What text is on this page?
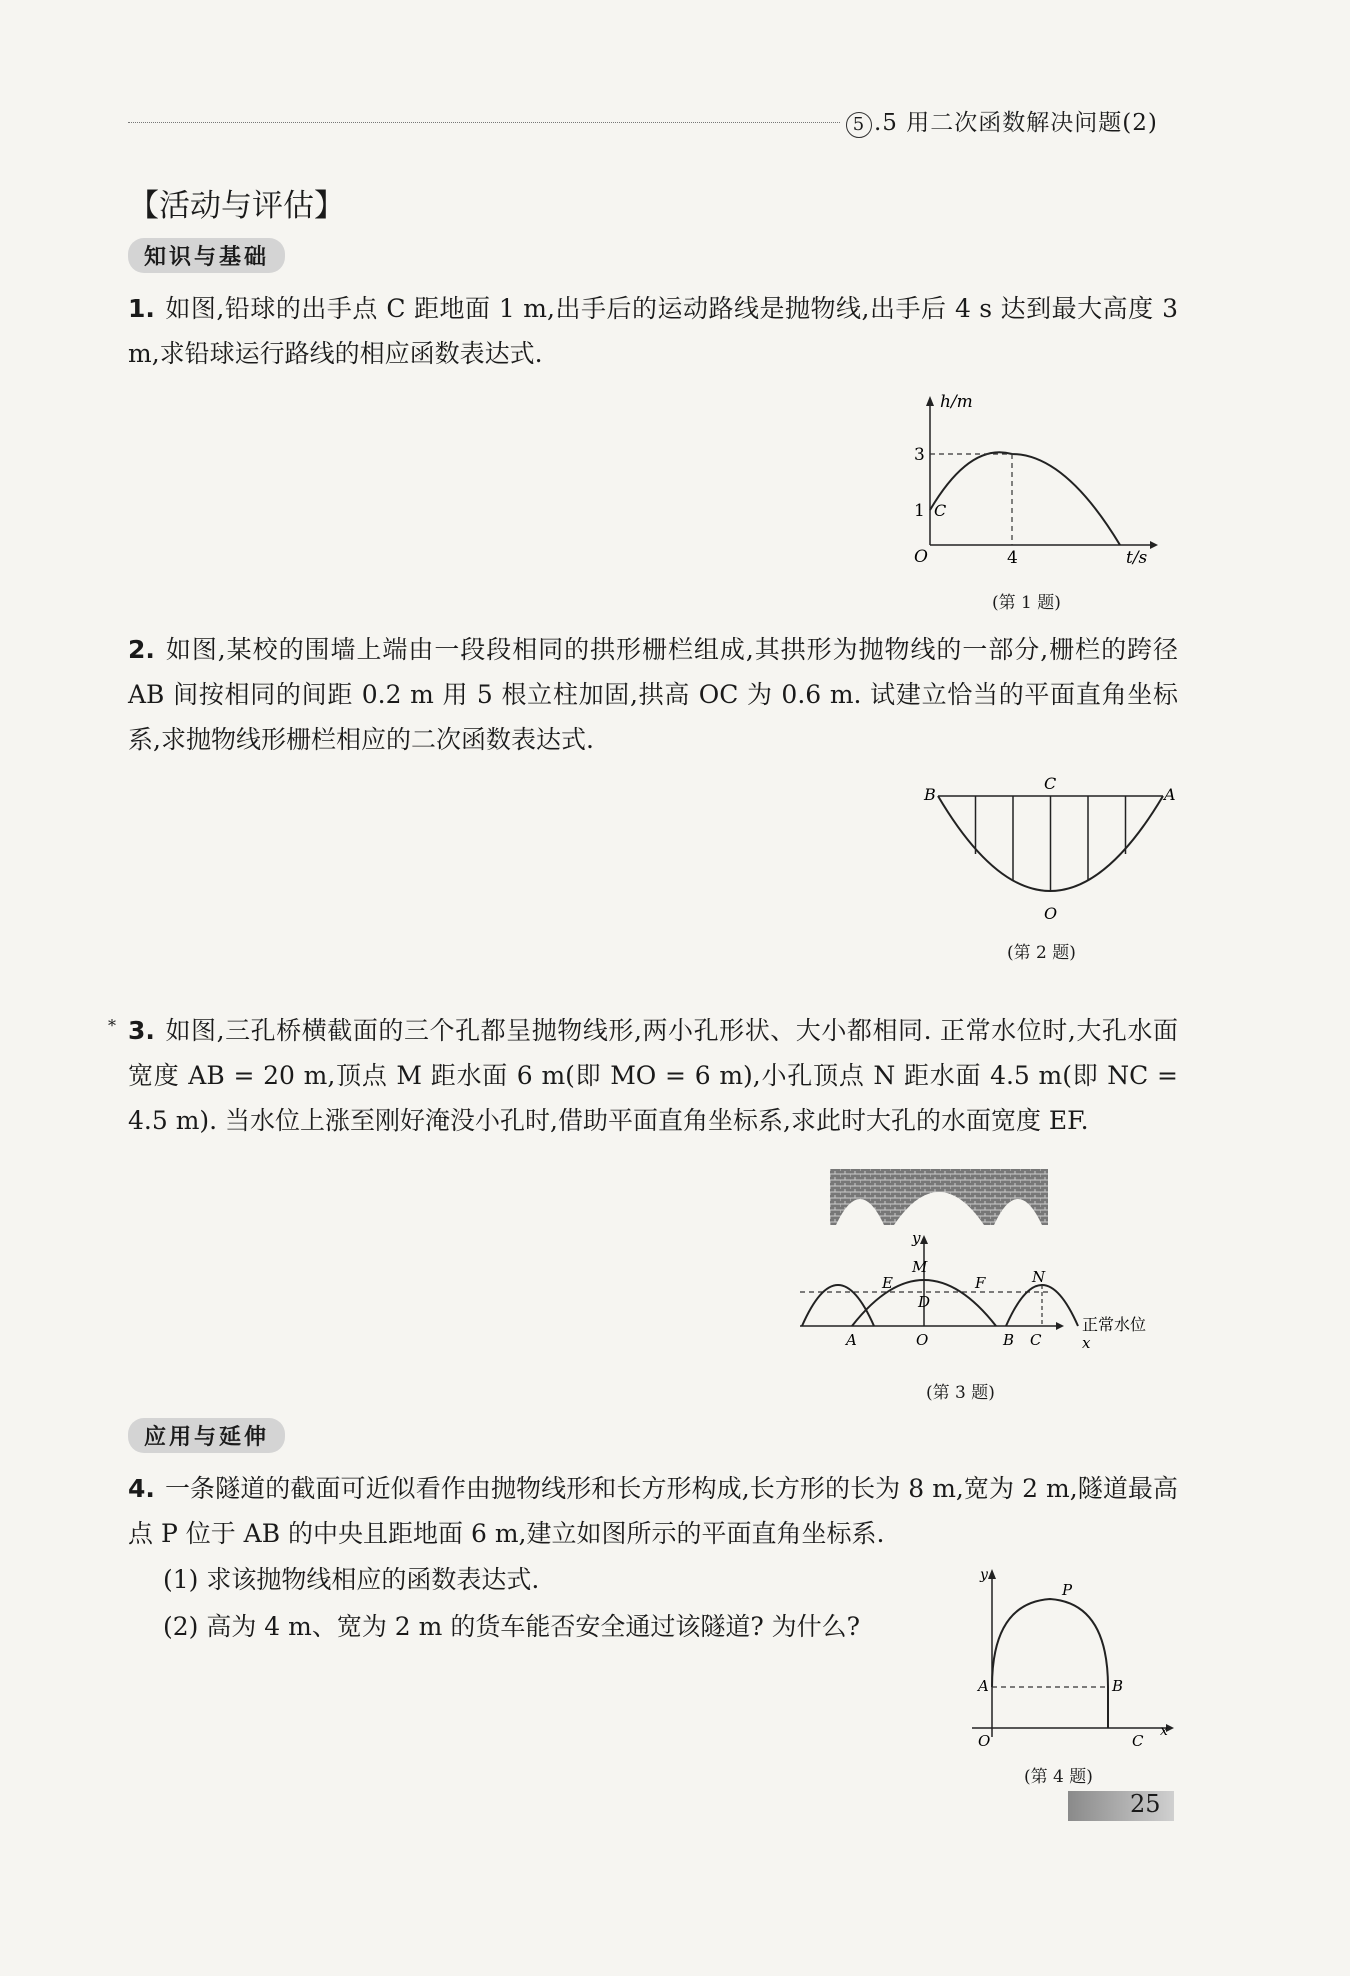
5 .5 用二次函数解决问题(2)
【活动与评估】
知识与基础
1. 如图,铅球的出手点 C 距地面 1 m,出手后的运动路线是抛物线,出手后 4 s 达到最大高度 3 m,求铅球运行路线的相应函数表达式.
h/m
3
1 C
O	4	t/s
(第 1 题)
2. 如图,某校的围墙上端由一段段相同的拱形栅栏组成,其拱形为抛物线的一部分,栅栏的跨径 AB 间按相同的间距 0.2 m 用 5 根立柱加固,拱高 OC 为 0.6 m. 试建立恰当的平面直角坐标系,求抛物线形栅栏相应的二次函数表达式.
B
C
A
O
(第 2 题)
* 3. 如图,三孔桥横截面的三个孔都呈抛物线形,两小孔形状、大小都相同. 正常水位时,大孔水面宽度 AB = 20 m,顶点 M 距水面 6 m(即 MO = 6 m),小孔顶点 N 距水面 4.5 m(即 NC = 4.5 m). 当水位上涨至刚好淹没小孔时,借助平面直角坐标系,求此时大孔的水面宽度 EF.
y
M
E	F	N
D
A	O	B C
正常水位
x
(第 3 题)
应用与延伸
4. 一条隧道的截面可近似看作由抛物线形和长方形构成,长方形的长为 8 m,宽为 2 m,隧道最高点 P 位于 AB 的中央且距地面 6 m,建立如图所示的平面直角坐标系.
(1) 求该抛物线相应的函数表达式.
(2) 高为 4 m、宽为 2 m 的货车能否安全通过该隧道? 为什么?
y
P
A	B
O	C
x
(第 4 题)
25
